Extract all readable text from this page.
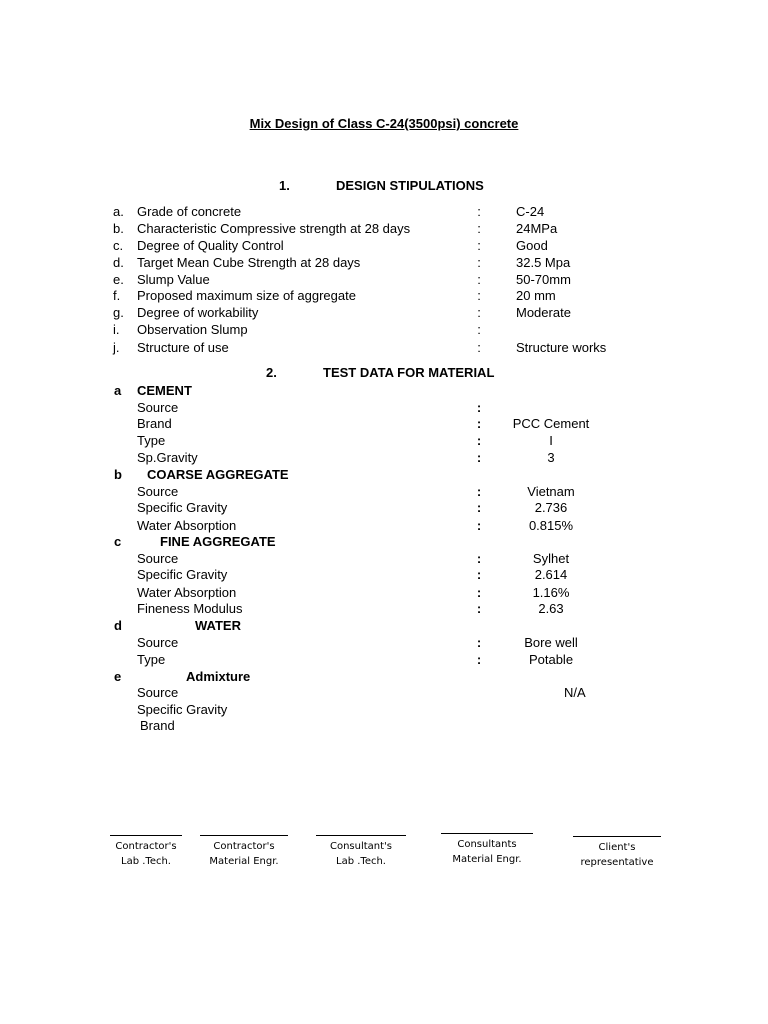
Mix Design of Class C-24(3500psi) concrete
1.	DESIGN STIPULATIONS
a. Grade of concrete	:	C-24
b. Characteristic Compressive strength at 28 days	:	24MPa
c. Degree of Quality Control	:	Good
d. Target Mean Cube Strength at 28 days	:	32.5 Mpa
e. Slump Value	:	50-70mm
f. Proposed maximum size of aggregate	:	20 mm
g. Degree of workability	:	Moderate
i. Observation Slump	:
j. Structure of use	:	Structure works
2.	TEST DATA FOR MATERIAL
a CEMENT
Source	:
Brand	:	PCC Cement
Type	:	I
Sp.Gravity	:	3
b COARSE AGGREGATE
Source	:	Vietnam
Specific Gravity	:	2.736
Water Absorption	:	0.815%
c	FINE AGGREGATE
Source	:	Sylhet
Specific Gravity	:	2.614
Water Absorption	:	1.16%
Fineness Modulus	:	2.63
d	WATER
Source	:	Bore well
Type	:	Potable
e	Admixture
Source	N/A
Specific Gravity
Brand
Contractor's
Lab .Tech.
Contractor's
Material Engr.
Consultant's
Lab .Tech.
Consultants
Material Engr.
Client's
representative
